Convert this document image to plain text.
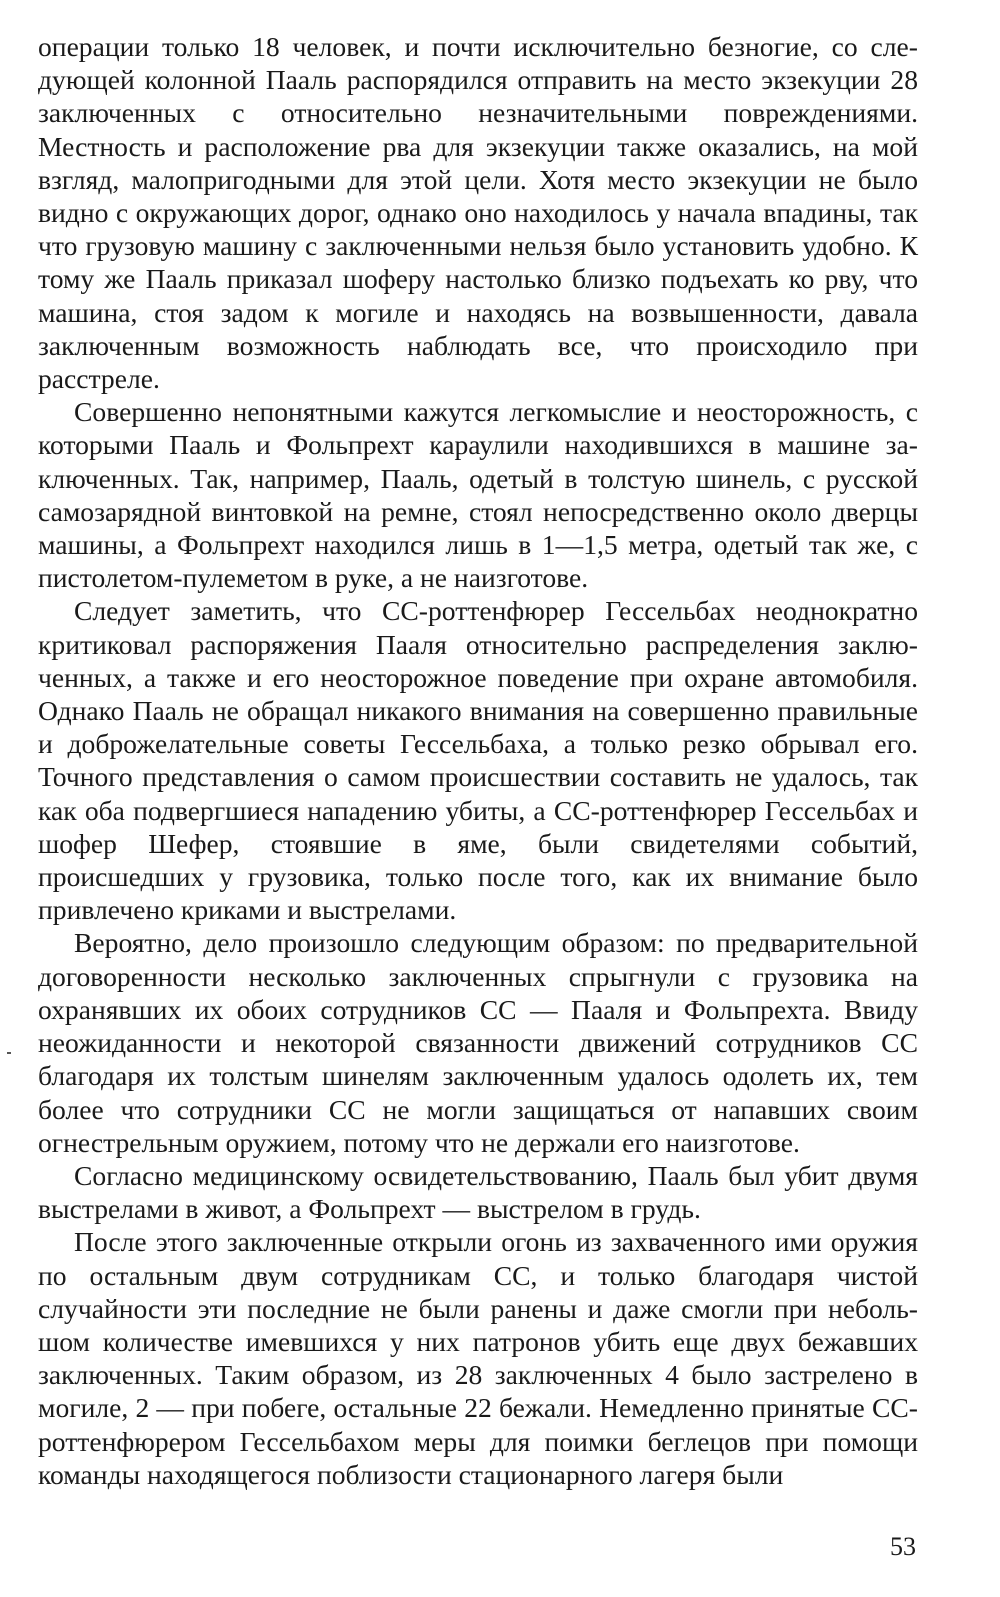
операции только 18 человек, и почти исключительно безногие, со следующей колонной Пааль распорядился отправить на место экзекуции 28 заключенных с относительно незначительными повреждениями. Местность и расположение рва для экзекуции также оказались, на мой взгляд, малопригодными для этой цели. Хотя место экзекуции не было видно с окружающих дорог, однако оно находилось у начала впадины, так что грузовую машину с заключенными нельзя было установить удобно. К тому же Пааль приказал шоферу настолько близко подъехать ко рву, что машина, стоя задом к могиле и находясь на возвышенности, давала заключенным возможность наблюдать все, что происходило при расстреле.

Совершенно непонятными кажутся легкомыслие и неосторожность, с которыми Пааль и Фольпрехт караулили находившихся в машине заключенных. Так, например, Пааль, одетый в толстую шинель, с русской самозарядной винтовкой на ремне, стоял непосредственно около дверцы машины, а Фольпрехт находился лишь в 1—1,5 метра, одетый так же, с пистолетом-пулеметом в руке, а не наизготове.

Следует заметить, что СС-роттенфюрер Гессельбах неоднократно критиковал распоряжения Пааля относительно распределения заключенных, а также и его неосторожное поведение при охране автомобиля. Однако Пааль не обращал никакого внимания на совершенно правильные и доброжелательные советы Гессельбаха, а только резко обрывал его. Точного представления о самом происшествии составить не удалось, так как оба подвергшиеся нападению убиты, а СС-роттенфюрер Гессельбах и шофер Шефер, стоявшие в яме, были свидетелями событий, происшедших у грузовика, только после того, как их внимание было привлечено криками и выстрелами.

Вероятно, дело произошло следующим образом: по предварительной договоренности несколько заключенных спрыгнули с грузовика на охранявших их обоих сотрудников СС — Пааля и Фольпрехта. Ввиду неожиданности и некоторой связанности движений сотрудников СС благодаря их толстым шинелям заключенным удалось одолеть их, тем более что сотрудники СС не могли защищаться от напавших своим огнестрельным оружием, потому что не держали его наизготове.

Согласно медицинскому освидетельствованию, Пааль был убит двумя выстрелами в живот, а Фольпрехт — выстрелом в грудь.

После этого заключенные открыли огонь из захваченного ими оружия по остальным двум сотрудникам СС, и только благодаря чистой случайности эти последние не были ранены и даже смогли при небольшом количестве имевшихся у них патронов убить еще двух бежавших заключенных. Таким образом, из 28 заключенных 4 было застрелено в могиле, 2 — при побеге, остальные 22 бежали. Немедленно принятые СС-роттенфюрером Гессельбахом меры для поимки беглецов при помощи команды находящегося поблизости стационарного лагеря были

53
